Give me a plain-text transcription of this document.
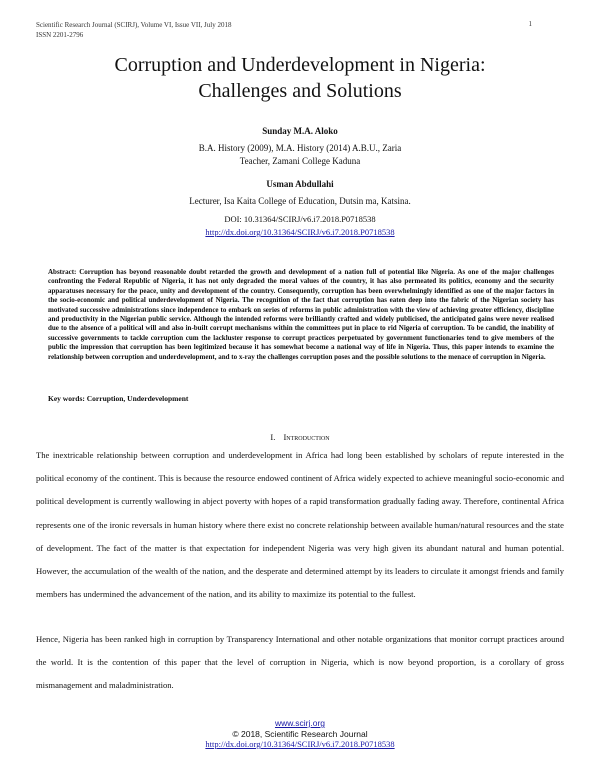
Scientific Research Journal (SCIRJ), Volume VI, Issue VII, July 2018
ISSN 2201-2796
1
Corruption and Underdevelopment in Nigeria:
Challenges and Solutions
Sunday M.A. Aloko
B.A. History (2009), M.A. History (2014) A.B.U., Zaria
Teacher, Zamani College Kaduna
Usman Abdullahi
Lecturer, Isa Kaita College of Education, Dutsin ma, Katsina.
DOI: 10.31364/SCIRJ/v6.i7.2018.P0718538
http://dx.doi.org/10.31364/SCIRJ/v6.i7.2018.P0718538

Abstract: Corruption has beyond reasonable doubt retarded the growth and development of a nation full of potential like Nigeria. As one of the major challenges confronting the Federal Republic of Nigeria, it has not only degraded the moral values of the country, it has also permeated its politics, economy and the security apparatuses necessary for the peace, unity and development of the country. Consequently, corruption has been overwhelmingly identified as one of the major factors in the socio-economic and political underdevelopment of Nigeria. The recognition of the fact that corruption has eaten deep into the fabric of the Nigerian society has motivated successive administrations since independence to embark on series of reforms in public administration with the view of achieving greater efficiency, discipline and productivity in the Nigerian public service. Although the intended reforms were brilliantly crafted and widely publicised, the anticipated gains were never realised due to the absence of a political will and also in-built corrupt mechanisms within the committees put in place to rid Nigeria of corruption. To be candid, the inability of successive governments to tackle corruption cum the lackluster response to corrupt practices perpetuated by government functionaries tend to give members of the public the impression that corruption has been legitimized because it has somewhat become a national way of life in Nigeria. Thus, this paper intends to examine the relationship between corruption and underdevelopment, and to x-ray the challenges corruption poses and the possible solutions to the menace of corruption in Nigeria.

Key words: Corruption, Underdevelopment
I. Introduction

The inextricable relationship between corruption and underdevelopment in Africa had long been established by scholars of repute interested in the political economy of the continent. This is because the resource endowed continent of Africa widely expected to achieve meaningful socio-economic and political development is currently wallowing in abject poverty with hopes of a rapid transformation gradually fading away. Therefore, continental Africa represents one of the ironic reversals in human history where there exist no concrete relationship between available human/natural resources and the state of development. The fact of the matter is that expectation for independent Nigeria was very high given its abundant natural and human potential. However, the accumulation of the wealth of the nation, and the desperate and determined attempt by its leaders to circulate it amongst friends and family members has undermined the advancement of the nation, and its ability to maximize its potential to the fullest.

Hence, Nigeria has been ranked high in corruption by Transparency International and other notable organizations that monitor corrupt practices around the world. It is the contention of this paper that the level of corruption in Nigeria, which is now beyond proportion, is a corollary of gross mismanagement and maladministration.

www.scirj.org
© 2018, Scientific Research Journal
http://dx.doi.org/10.31364/SCIRJ/v6.i7.2018.P0718538
